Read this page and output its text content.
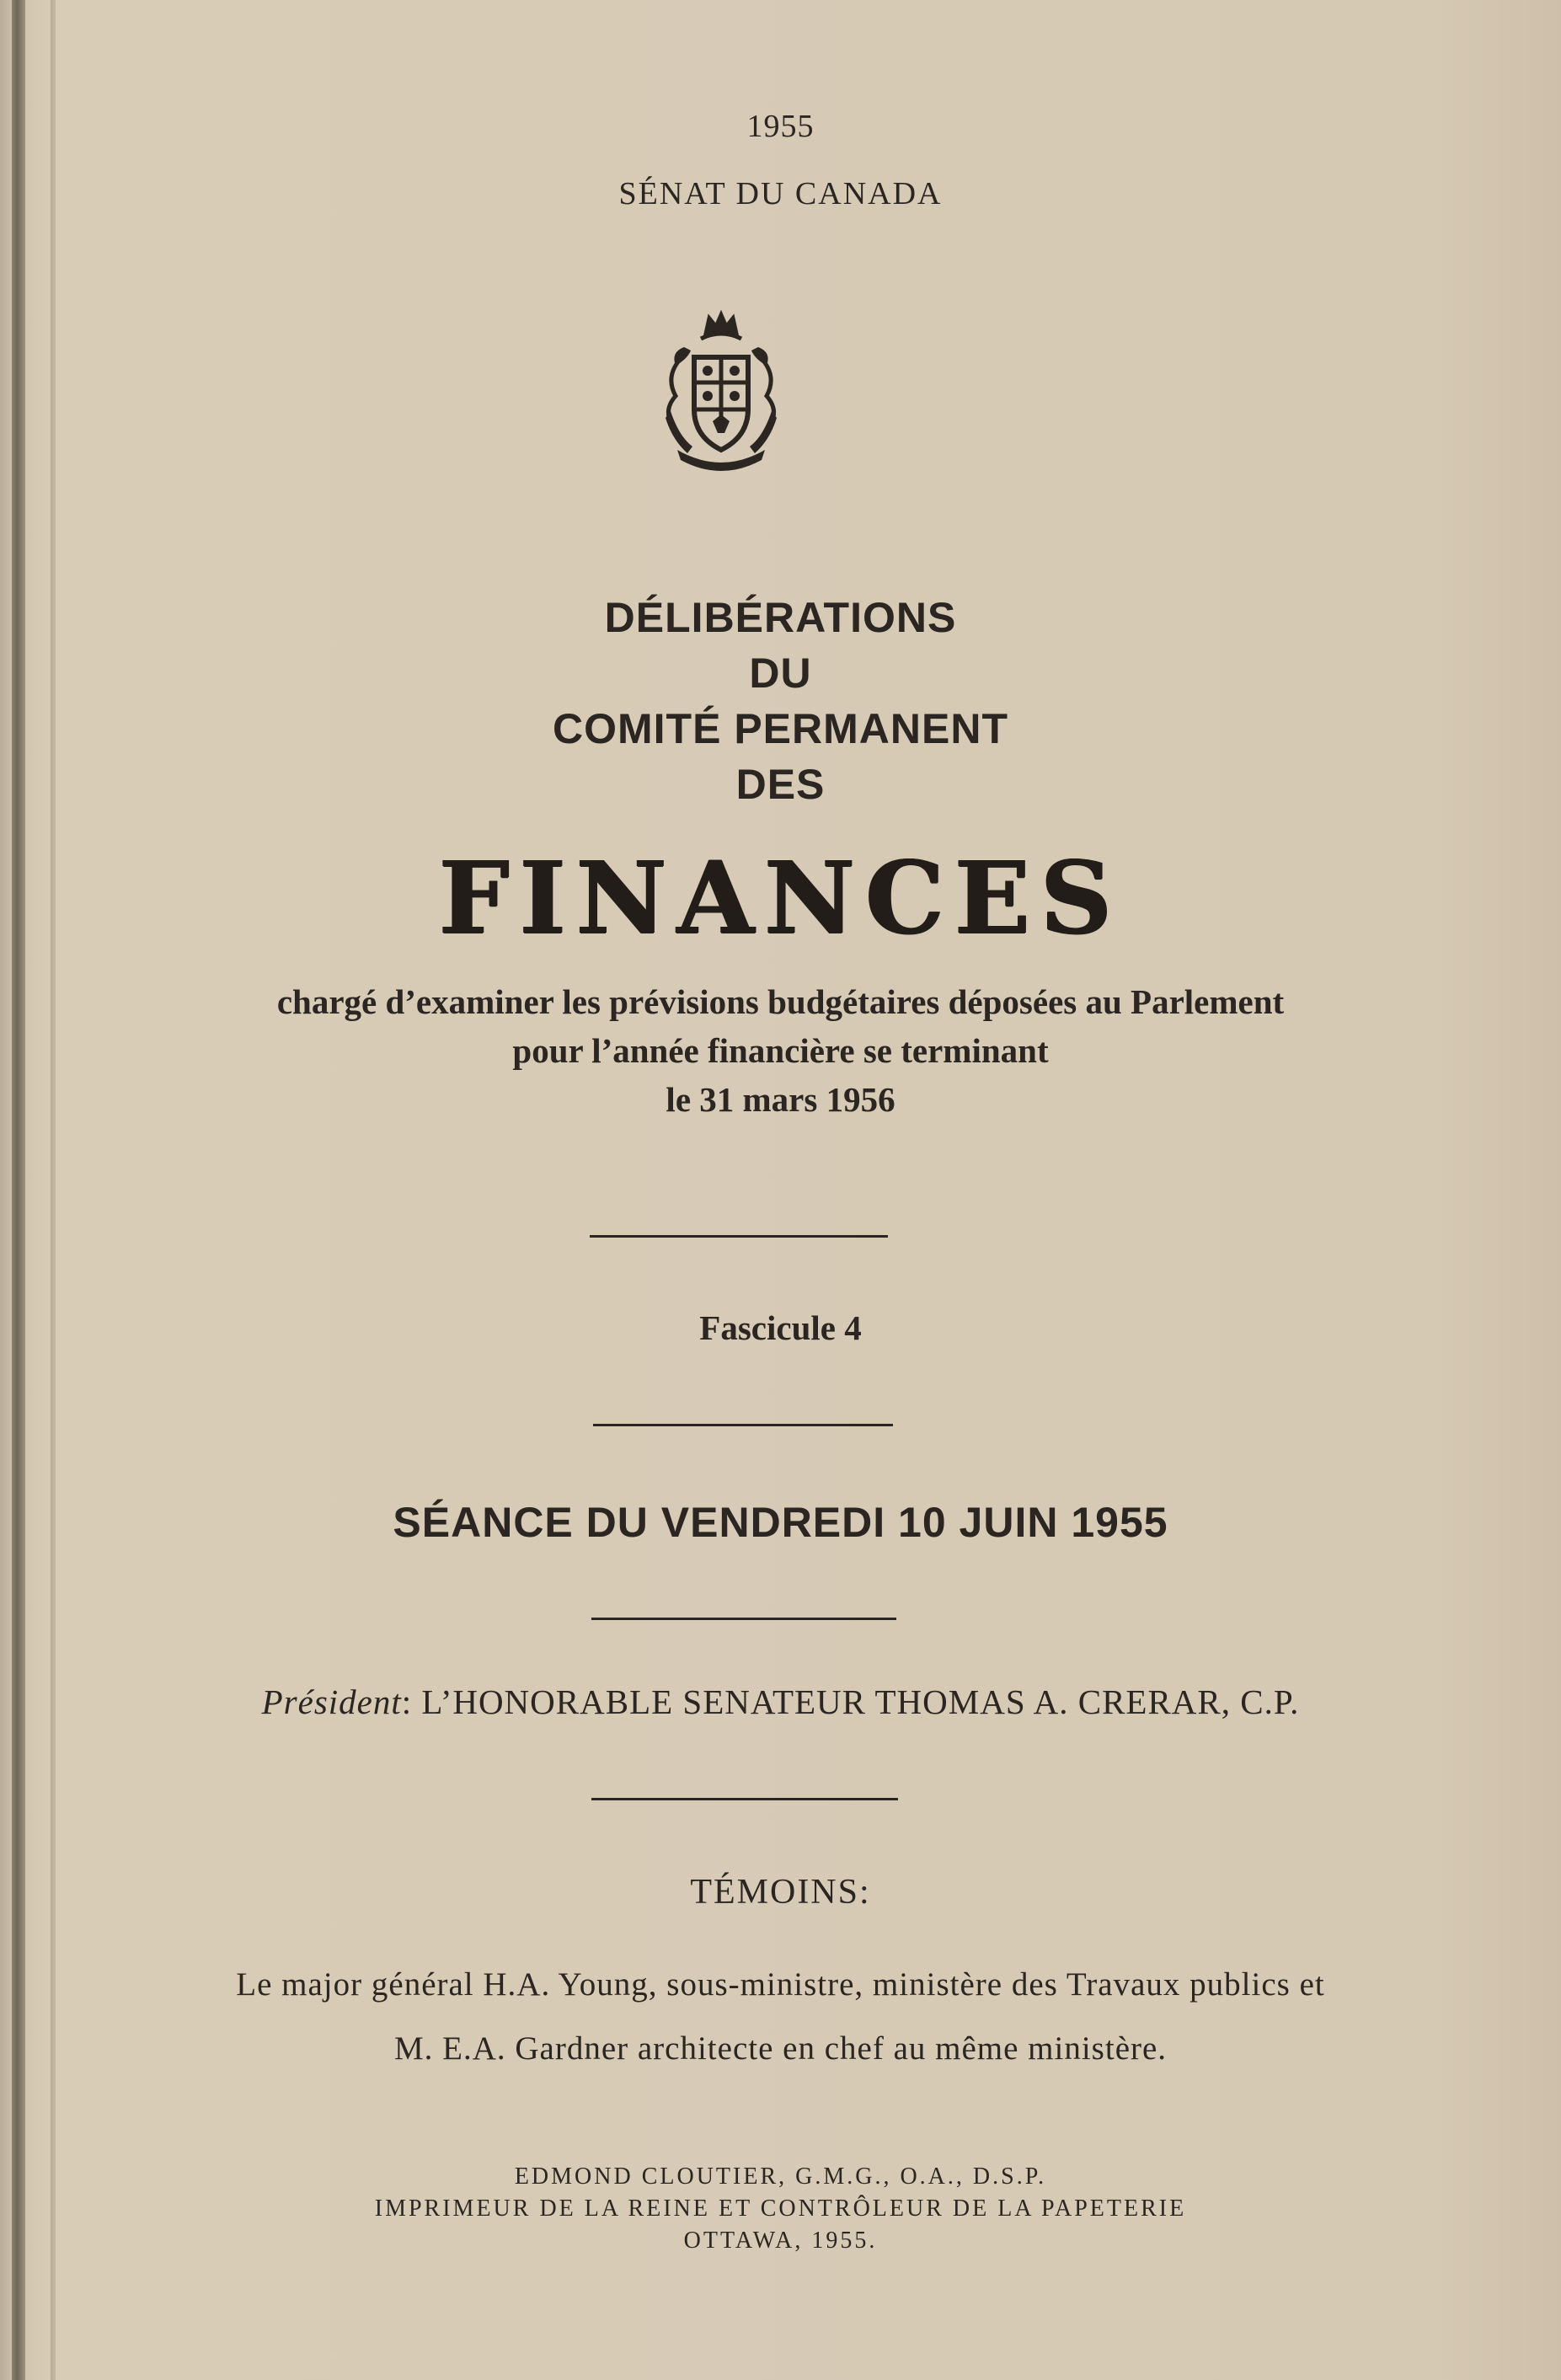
1955
SÉNAT DU CANADA
DÉLIBÉRATIONS
DU
COMITÉ PERMANENT
DES
FINANCES
chargé d’examiner les prévisions budgétaires déposées au Parlement
pour l’année financière se terminant
le 31 mars 1956
Fascicule 4
SÉANCE DU VENDREDI 10 JUIN 1955
Président: L’HONORABLE SENATEUR THOMAS A. CRERAR, C.P.
TÉMOINS:
Le major général H.A. Young, sous-ministre, ministère des Travaux publics et
M. E.A. Gardner architecte en chef au même ministère.
EDMOND CLOUTIER, G.M.G., O.A., D.S.P.
IMPRIMEUR DE LA REINE ET CONTRÔLEUR DE LA PAPETERIE
OTTAWA, 1955.
